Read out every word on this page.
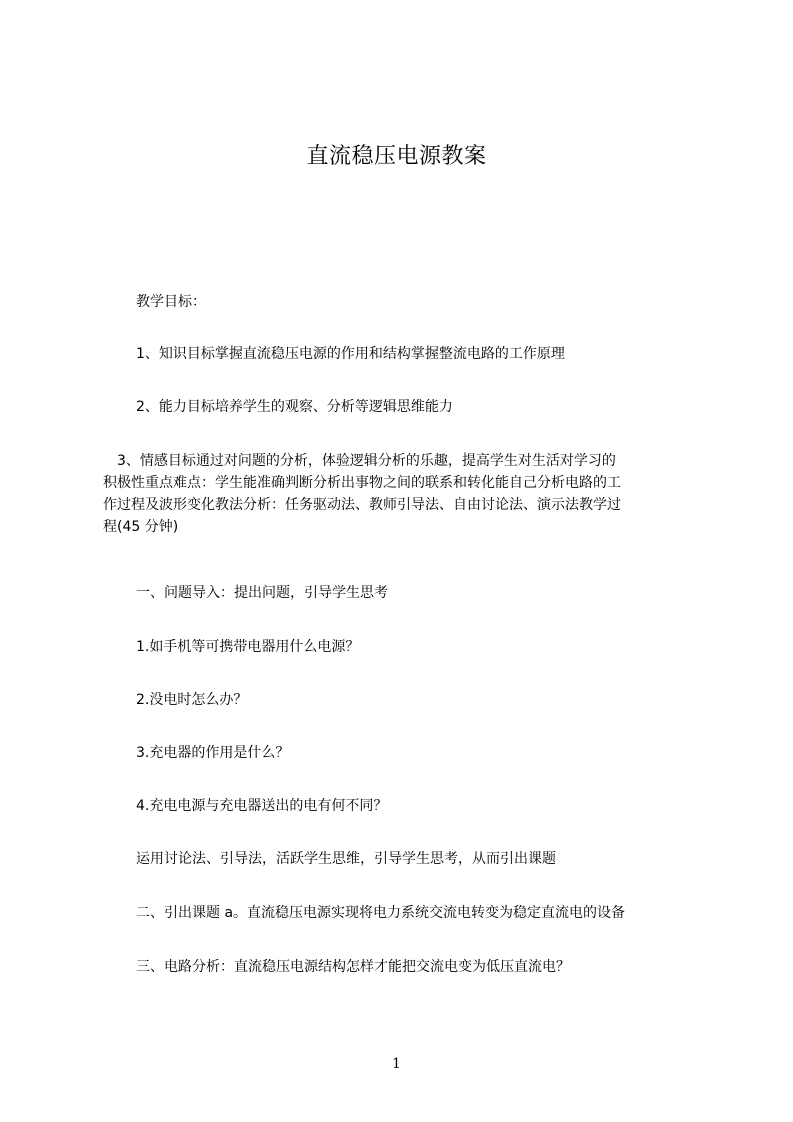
直流稳压电源教案
教学目标：
1、知识目标掌握直流稳压电源的作用和结构掌握整流电路的工作原理
2、能力目标培养学生的观察、分析等逻辑思维能力
　3、情感目标通过对问题的分析，体验逻辑分析的乐趣，提高学生对生活对学习的
积极性重点难点：学生能准确判断分析出事物之间的联系和转化能自己分析电路的工
作过程及波形变化教法分析：任务驱动法、教师引导法、自由讨论法、演示法教学过
程(45 分钟)
一、问题导入：提出问题，引导学生思考
1.如手机等可携带电器用什么电源？
2.没电时怎么办？
3.充电器的作用是什么？
4.充电电源与充电器送出的电有何不同？
运用讨论法、引导法，活跃学生思维，引导学生思考，从而引出课题
二、引出课题 a。直流稳压电源实现将电力系统交流电转变为稳定直流电的设备
三、电路分析：直流稳压电源结构怎样才能把交流电变为低压直流电？
1
